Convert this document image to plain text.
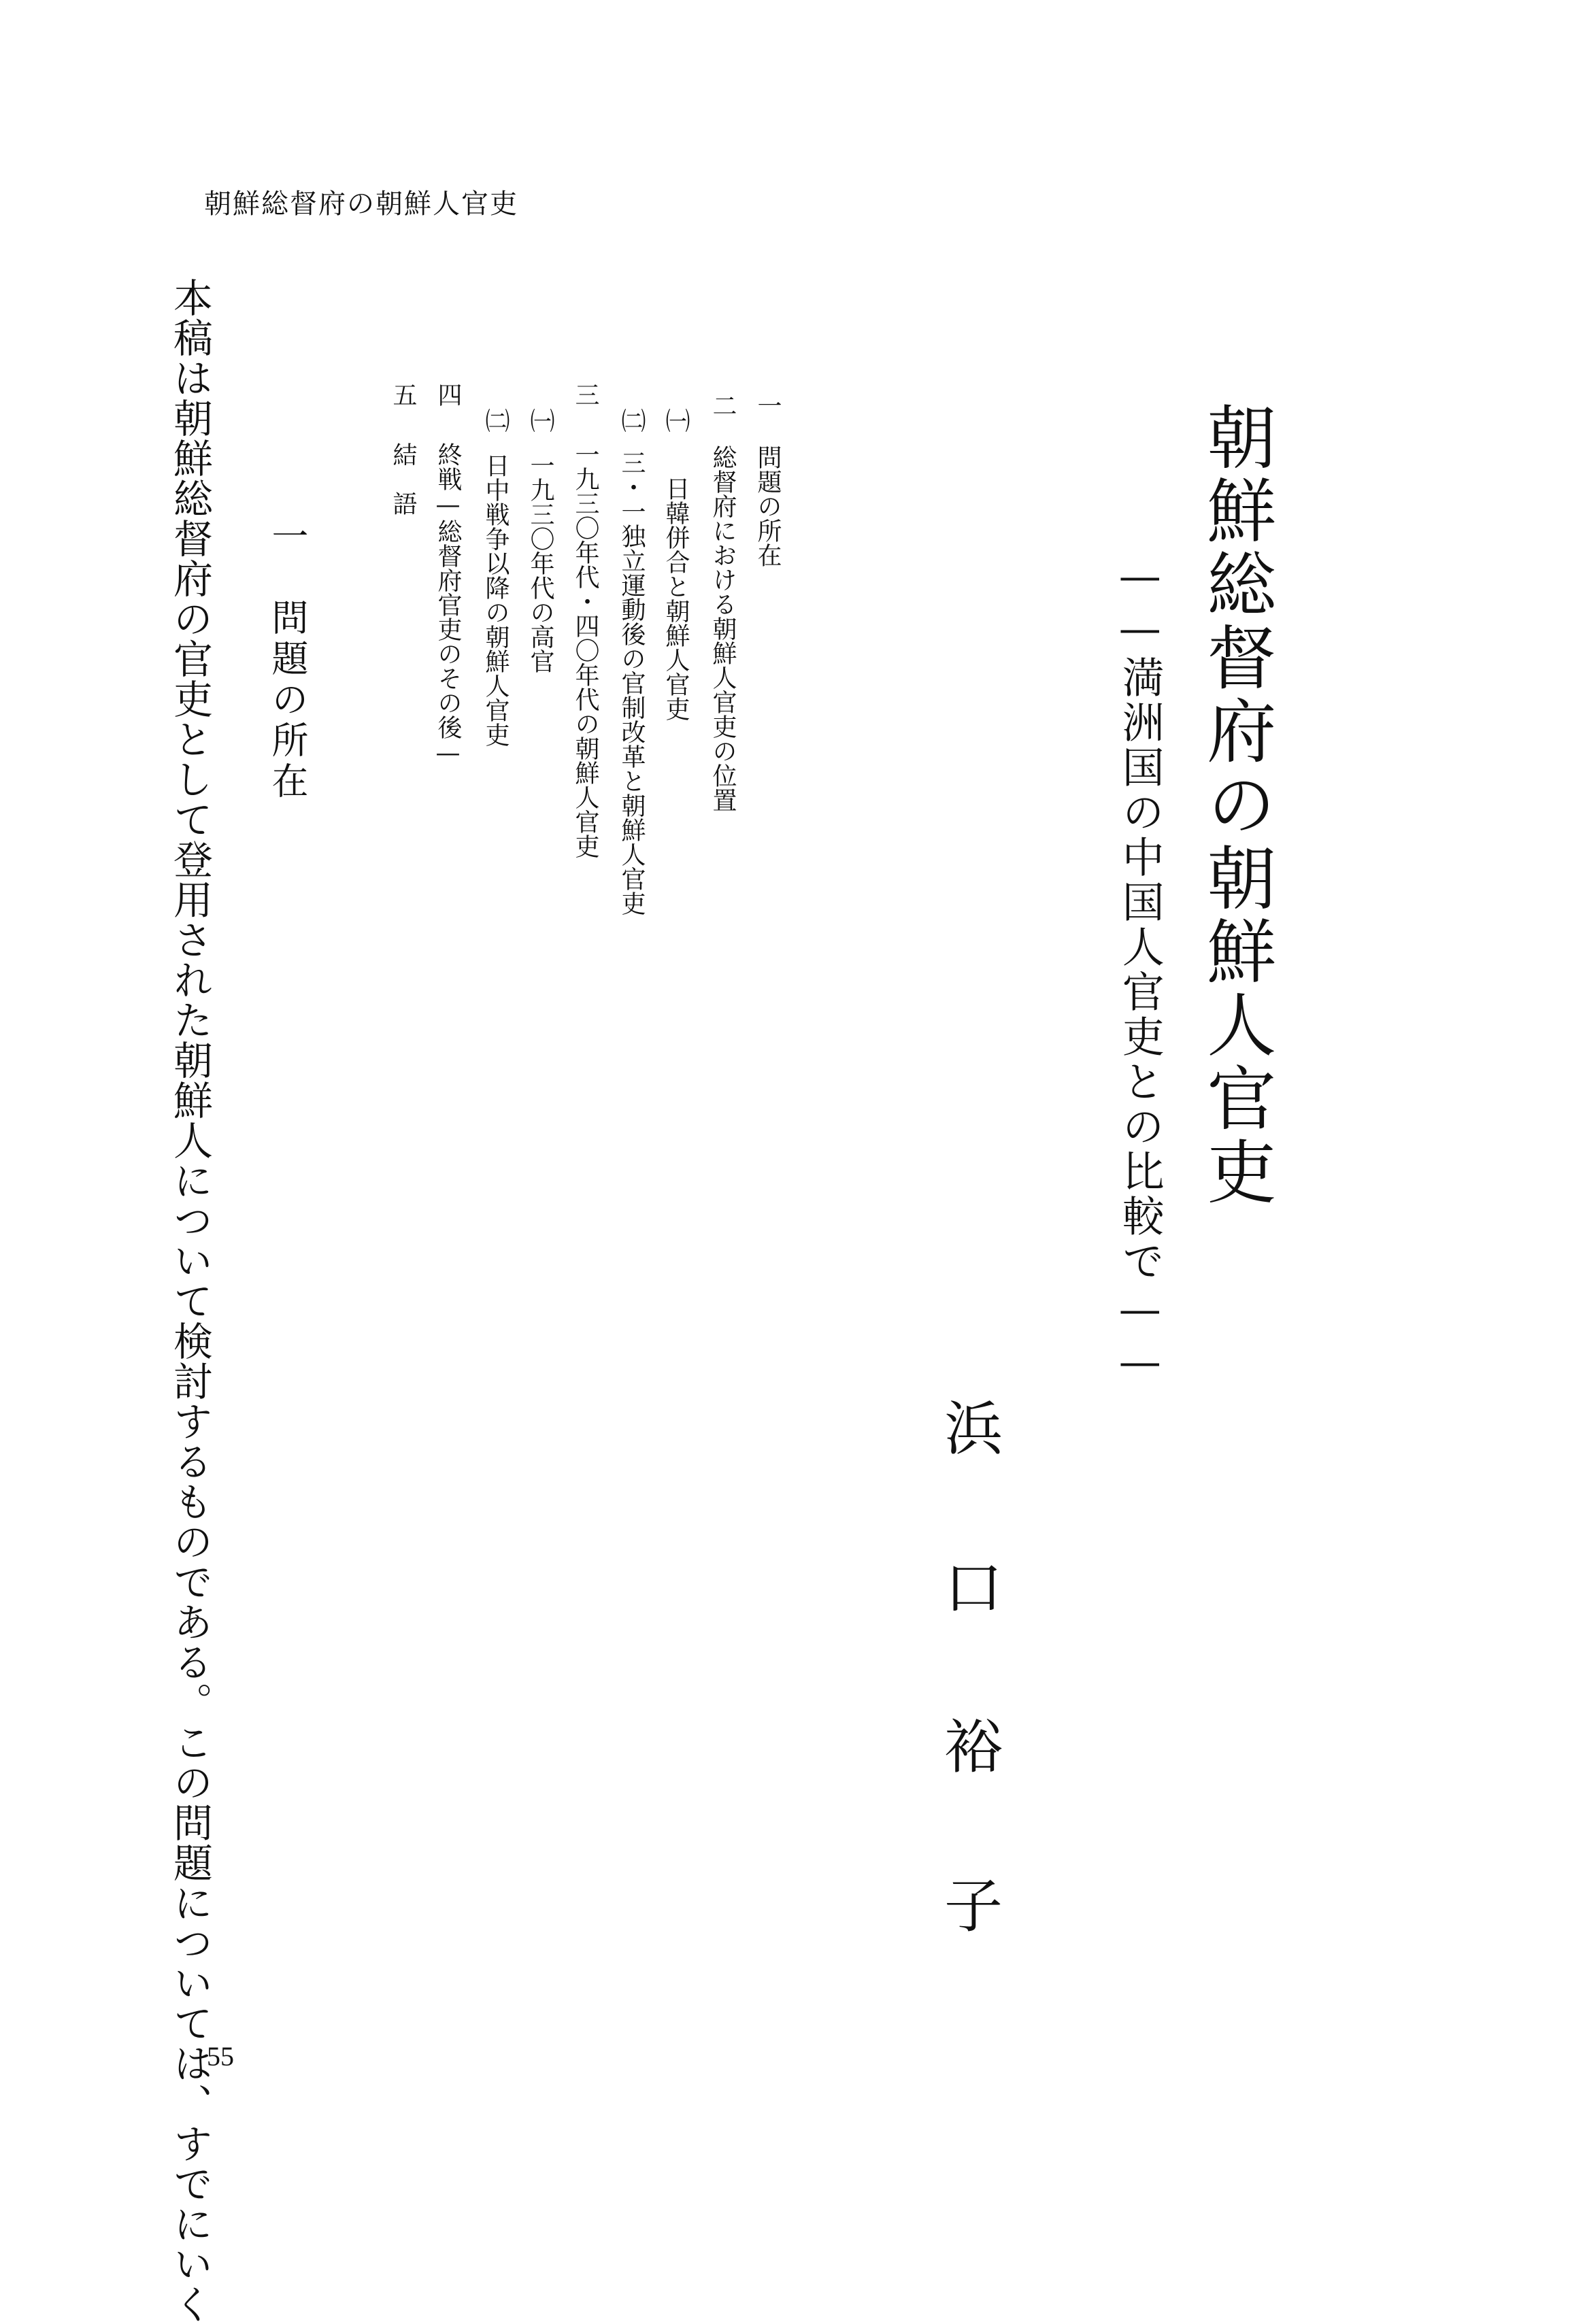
朝鮮総督府の朝鮮人官吏
朝鮮総督府の朝鮮人官吏
——満洲国の中国人官吏との比較で——
一問題の所在
二総督府における朝鮮人官吏の位置
㈠日韓併合と朝鮮人官吏
㈡三・一独立運動後の官制改革と朝鮮人官吏
三一九三〇年代・四〇年代の朝鮮人官吏
㈠一九三〇年代の高官
㈡日中戦争以降の朝鮮人官吏
四終戦—総督府官吏のその後—
五結　語
浜口裕子
一　問題の所在
本稿は朝鮮総督府の官吏として登用された朝鮮人について検討するものである。この問題については、すでにいく
55
